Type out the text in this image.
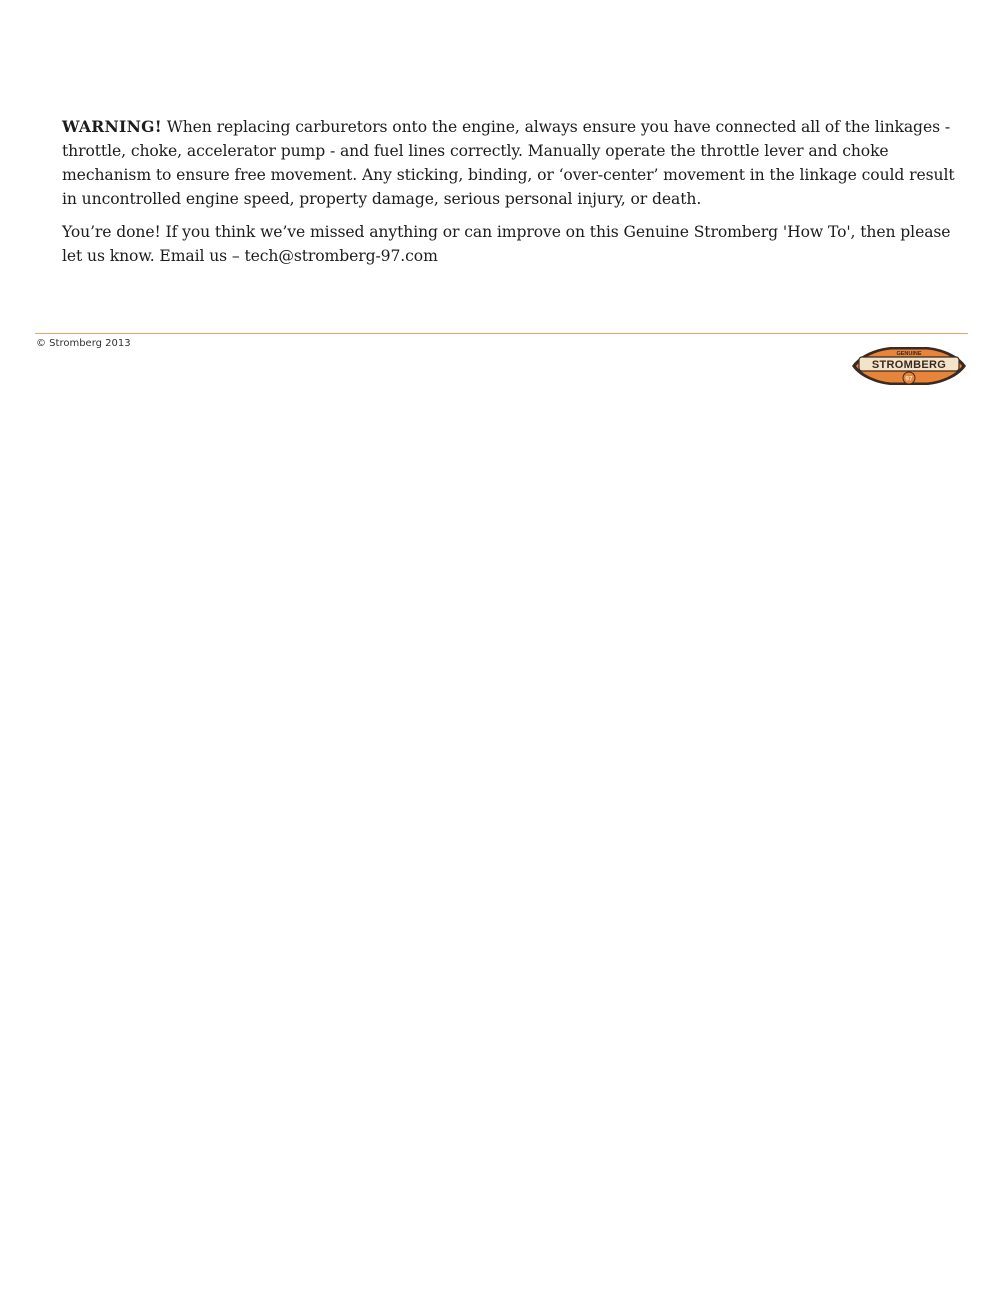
WARNING! When replacing carburetors onto the engine, always ensure you have connected all of the linkages - throttle, choke, accelerator pump - and fuel lines correctly. Manually operate the throttle lever and choke mechanism to ensure free movement. Any sticking, binding, or ‘over-center’ movement in the linkage could result in uncontrolled engine speed, property damage, serious personal injury, or death.

You’re done! If you think we’ve missed anything or can improve on this Genuine Stromberg 'How To', then please let us know. Email us – tech@stromberg-97.com

© Stromberg 2013
GENUINE
STROMBERG
97
